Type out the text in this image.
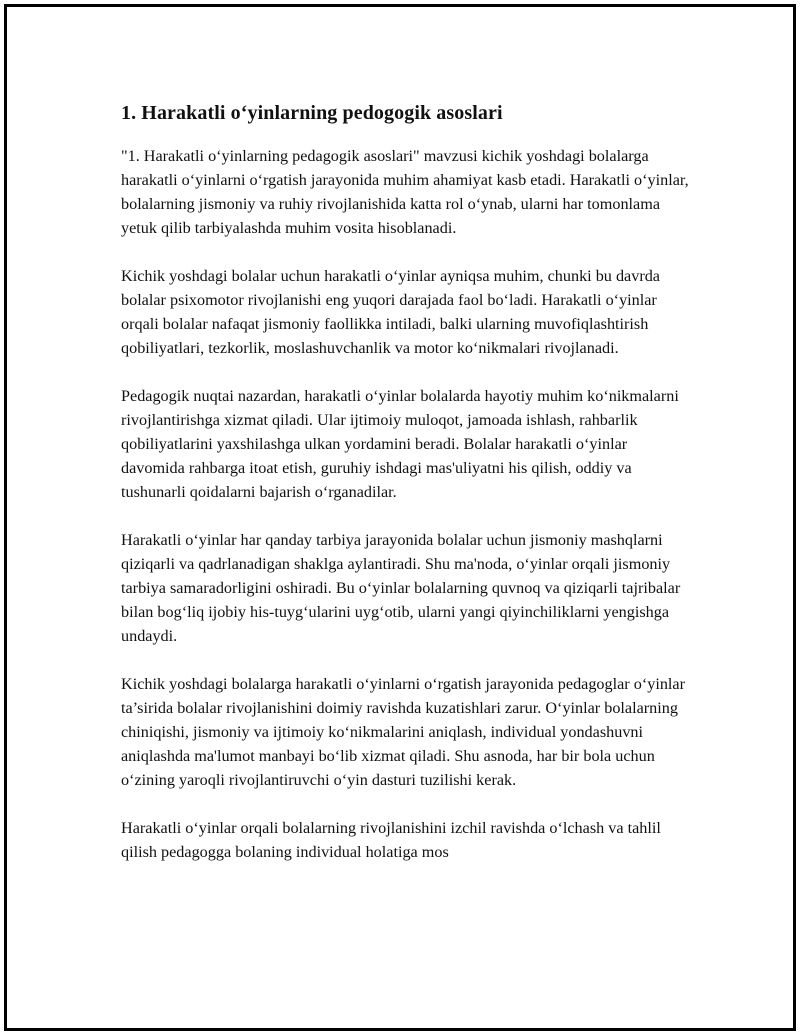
1. Harakatli o‘yinlarning pedogogik asoslari

"1. Harakatli o‘yinlarning pedagogik asoslari" mavzusi kichik yoshdagi bolalarga harakatli o‘yinlarni o‘rgatish jarayonida muhim ahamiyat kasb etadi. Harakatli o‘yinlar, bolalarning jismoniy va ruhiy rivojlanishida katta rol o‘ynab, ularni har tomonlama yetuk qilib tarbiyalashda muhim vosita hisoblanadi.

Kichik yoshdagi bolalar uchun harakatli o‘yinlar ayniqsa muhim, chunki bu davrda bolalar psixomotor rivojlanishi eng yuqori darajada faol bo‘ladi. Harakatli o‘yinlar orqali bolalar nafaqat jismoniy faollikka intiladi, balki ularning muvofiqlashtirish qobiliyatlari, tezkorlik, moslashuvchanlik va motor ko‘nikmalari rivojlanadi.

Pedagogik nuqtai nazardan, harakatli o‘yinlar bolalarda hayotiy muhim ko‘nikmalarni rivojlantirishga xizmat qiladi. Ular ijtimoiy muloqot, jamoada ishlash, rahbarlik qobiliyatlarini yaxshilashga ulkan yordamini beradi. Bolalar harakatli o‘yinlar davomida rahbarga itoat etish, guruhiy ishdagi mas'uliyatni his qilish, oddiy va tushunarli qoidalarni bajarish o‘rganadilar.

Harakatli o‘yinlar har qanday tarbiya jarayonida bolalar uchun jismoniy mashqlarni qiziqarli va qadrlanadigan shaklga aylantiradi. Shu ma'noda, o‘yinlar orqali jismoniy tarbiya samaradorligini oshiradi. Bu o‘yinlar bolalarning quvnoq va qiziqarli tajribalar bilan bog‘liq ijobiy his-tuyg‘ularini uyg‘otib, ularni yangi qiyinchiliklarni yengishga undaydi.

Kichik yoshdagi bolalarga harakatli o‘yinlarni o‘rgatish jarayonida pedagoglar o‘yinlar ta’sirida bolalar rivojlanishini doimiy ravishda kuzatishlari zarur. O‘yinlar bolalarning chiniqishi, jismoniy va ijtimoiy ko‘nikmalarini aniqlash, individual yondashuvni aniqlashda ma'lumot manbayi bo‘lib xizmat qiladi. Shu asnoda, har bir bola uchun o‘zining yaroqli rivojlantiruvchi o‘yin dasturi tuzilishi kerak.

Harakatli o‘yinlar orqali bolalarning rivojlanishini izchil ravishda o‘lchash va tahlil qilish pedagogga bolaning individual holatiga mos
